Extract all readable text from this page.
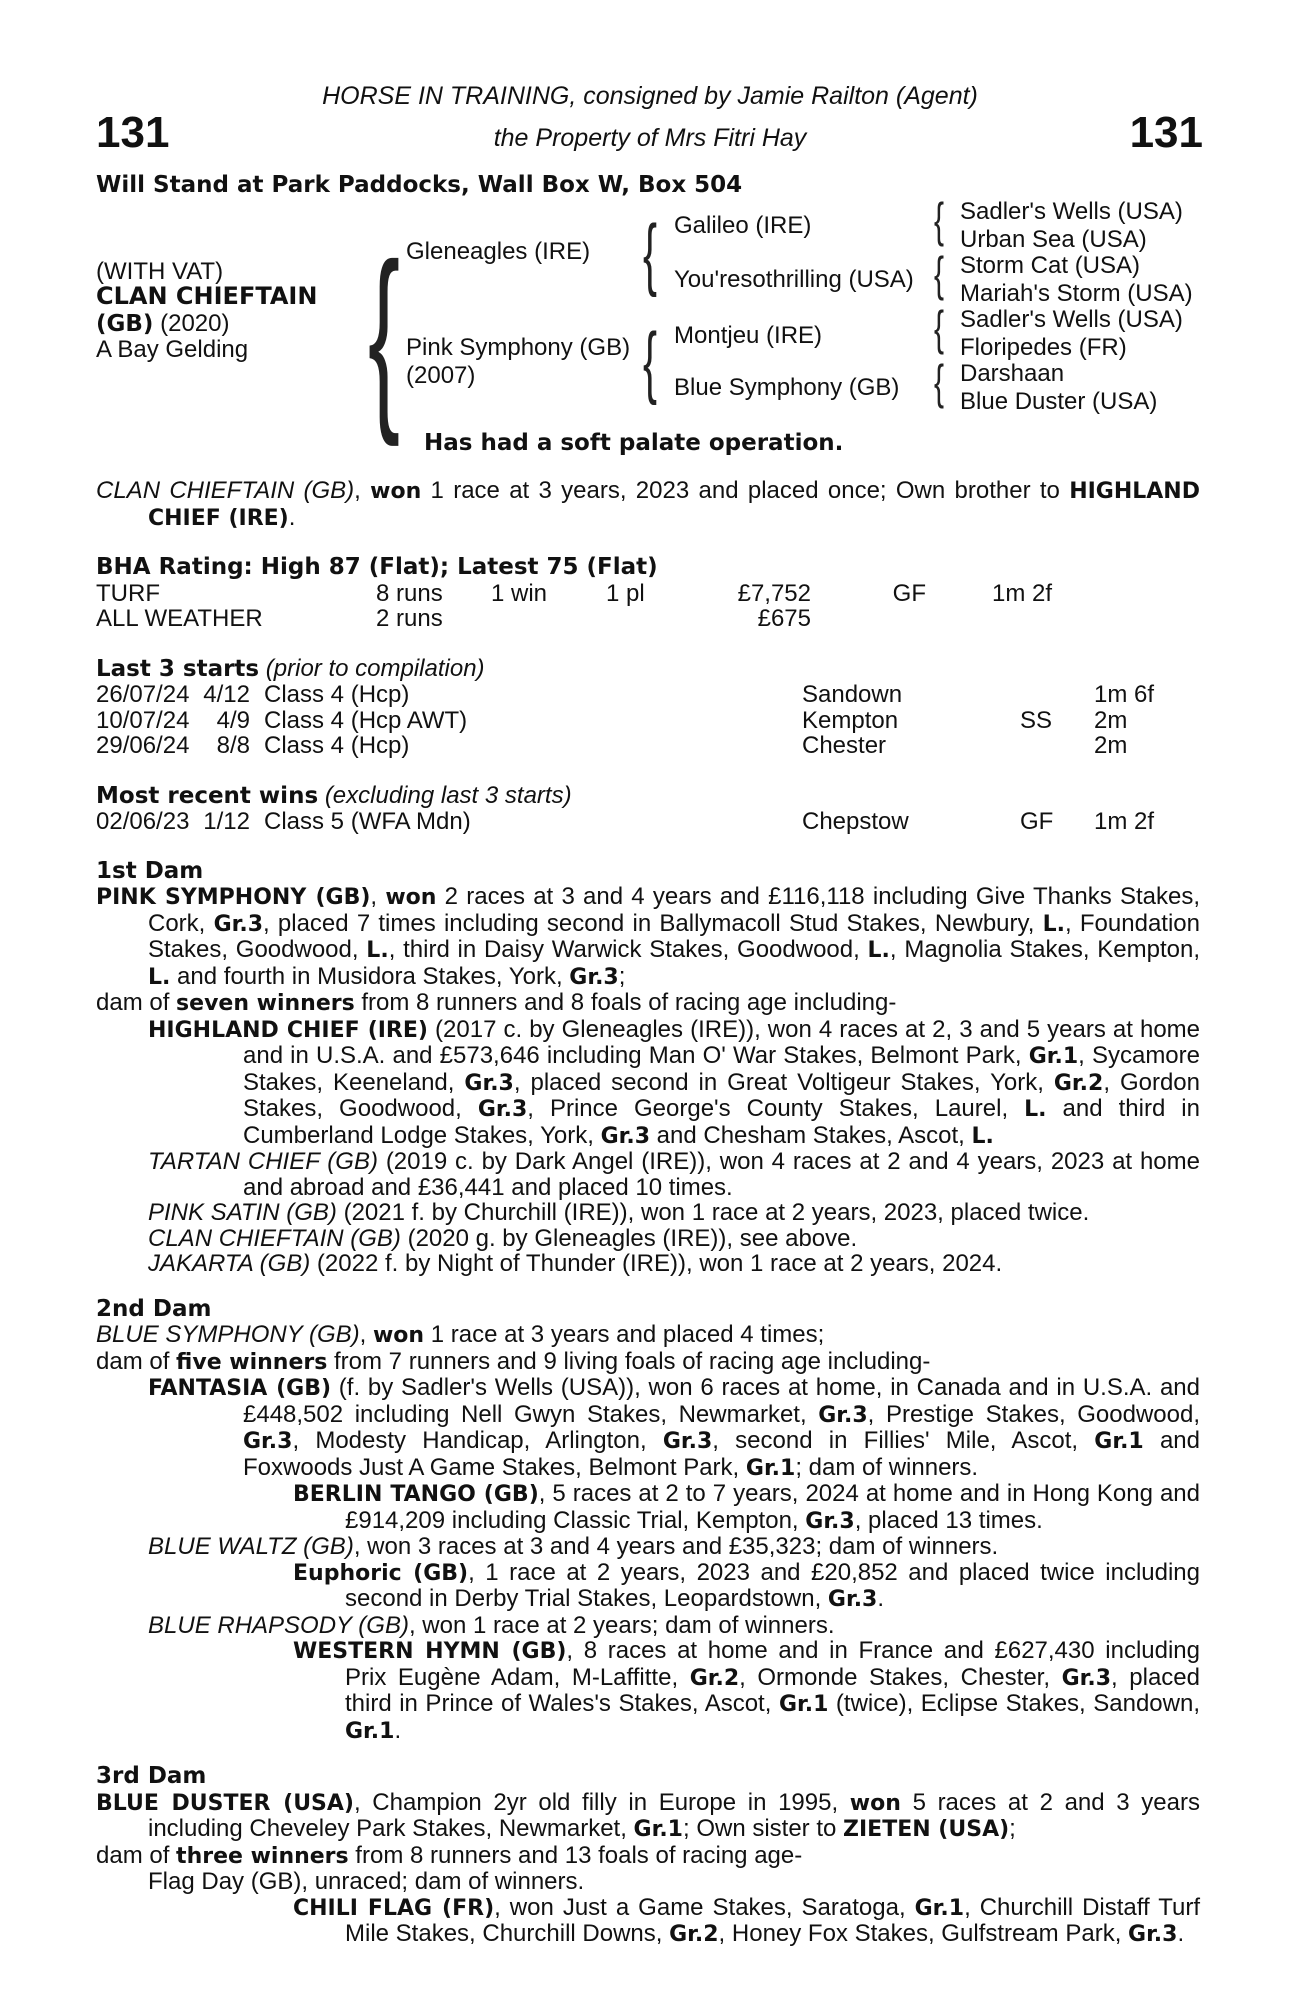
131	131
HORSE IN TRAINING, consigned by Jamie Railton (Agent)
the Property of Mrs Fitri Hay
Will Stand at Park Paddocks, Wall Box W, Box 504
(WITH VAT)
CLAN CHIEFTAIN
(GB) (2020)
A Bay Gelding { Gleneagles (IRE)
Pink Symphony (GB)
(2007)
{ Galileo (IRE)
You'resothrilling (USA)
{ Montjeu (IRE)
Blue Symphony (GB)
{ Sadler's Wells (USA)
Urban Sea (USA)
{ Storm Cat (USA)
Mariah's Storm (USA)
{ Sadler's Wells (USA)
Floripedes (FR)
{ Darshaan
Blue Duster (USA)
Has had a soft palate operation.

CLAN CHIEFTAIN (GB), won 1 race at 3 years, 2023 and placed once; Own brother to HIGHLAND CHIEF (IRE).

BHA Rating: High 87 (Flat); Latest 75 (Flat)

TURF	8 runs	1 win	1 pl	£7,752	GF	1m 2f
ALL WEATHER	2 runs			£675		

Last 3 starts (prior to compilation)

26/07/24	4/12		Class 4 (Hcp)	Sandown		1m 6f
10/07/24	4/9		Class 4 (Hcp AWT)	Kempton	SS	2m
29/06/24	8/8		Class 4 (Hcp)	Chester		2m

Most recent wins (excluding last 3 starts)

02/06/23	1/12		Class 5 (WFA Mdn)	Chepstow	GF	1m 2f

1st Dam

PINK SYMPHONY (GB), won 2 races at 3 and 4 years and £116,118 including Give Thanks Stakes, Cork, Gr.3, placed 7 times including second in Ballymacoll Stud Stakes, Newbury, L., Foundation Stakes, Goodwood, L., third in Daisy Warwick Stakes, Goodwood, L., Magnolia Stakes, Kempton, L. and fourth in Musidora Stakes, York, Gr.3;

dam of seven winners from 8 runners and 8 foals of racing age including-

HIGHLAND CHIEF (IRE) (2017 c. by Gleneagles (IRE)), won 4 races at 2, 3 and 5 years at home and in U.S.A. and £573,646 including Man O' War Stakes, Belmont Park, Gr.1, Sycamore Stakes, Keeneland, Gr.3, placed second in Great Voltigeur Stakes, York, Gr.2, Gordon Stakes, Goodwood, Gr.3, Prince George's County Stakes, Laurel, L. and third in Cumberland Lodge Stakes, York, Gr.3 and Chesham Stakes, Ascot, L.

TARTAN CHIEF (GB) (2019 c. by Dark Angel (IRE)), won 4 races at 2 and 4 years, 2023 at home and abroad and £36,441 and placed 10 times.

PINK SATIN (GB) (2021 f. by Churchill (IRE)), won 1 race at 2 years, 2023, placed twice.

CLAN CHIEFTAIN (GB) (2020 g. by Gleneagles (IRE)), see above.

JAKARTA (GB) (2022 f. by Night of Thunder (IRE)), won 1 race at 2 years, 2024.

2nd Dam

BLUE SYMPHONY (GB), won 1 race at 3 years and placed 4 times;

dam of five winners from 7 runners and 9 living foals of racing age including-

FANTASIA (GB) (f. by Sadler's Wells (USA)), won 6 races at home, in Canada and in U.S.A. and £448,502 including Nell Gwyn Stakes, Newmarket, Gr.3, Prestige Stakes, Goodwood, Gr.3, Modesty Handicap, Arlington, Gr.3, second in Fillies' Mile, Ascot, Gr.1 and Foxwoods Just A Game Stakes, Belmont Park, Gr.1; dam of winners.

BERLIN TANGO (GB), 5 races at 2 to 7 years, 2024 at home and in Hong Kong and £914,209 including Classic Trial, Kempton, Gr.3, placed 13 times.

BLUE WALTZ (GB), won 3 races at 3 and 4 years and £35,323; dam of winners.

Euphoric (GB), 1 race at 2 years, 2023 and £20,852 and placed twice including second in Derby Trial Stakes, Leopardstown, Gr.3.

BLUE RHAPSODY (GB), won 1 race at 2 years; dam of winners.

WESTERN HYMN (GB), 8 races at home and in France and £627,430 including Prix Eugène Adam, M-Laffitte, Gr.2, Ormonde Stakes, Chester, Gr.3, placed third in Prince of Wales's Stakes, Ascot, Gr.1 (twice), Eclipse Stakes, Sandown, Gr.1.

3rd Dam

BLUE DUSTER (USA), Champion 2yr old filly in Europe in 1995, won 5 races at 2 and 3 years including Cheveley Park Stakes, Newmarket, Gr.1; Own sister to ZIETEN (USA);

dam of three winners from 8 runners and 13 foals of racing age-

Flag Day (GB), unraced; dam of winners.

CHILI FLAG (FR), won Just a Game Stakes, Saratoga, Gr.1, Churchill Distaff Turf Mile Stakes, Churchill Downs, Gr.2, Honey Fox Stakes, Gulfstream Park, Gr.3.
